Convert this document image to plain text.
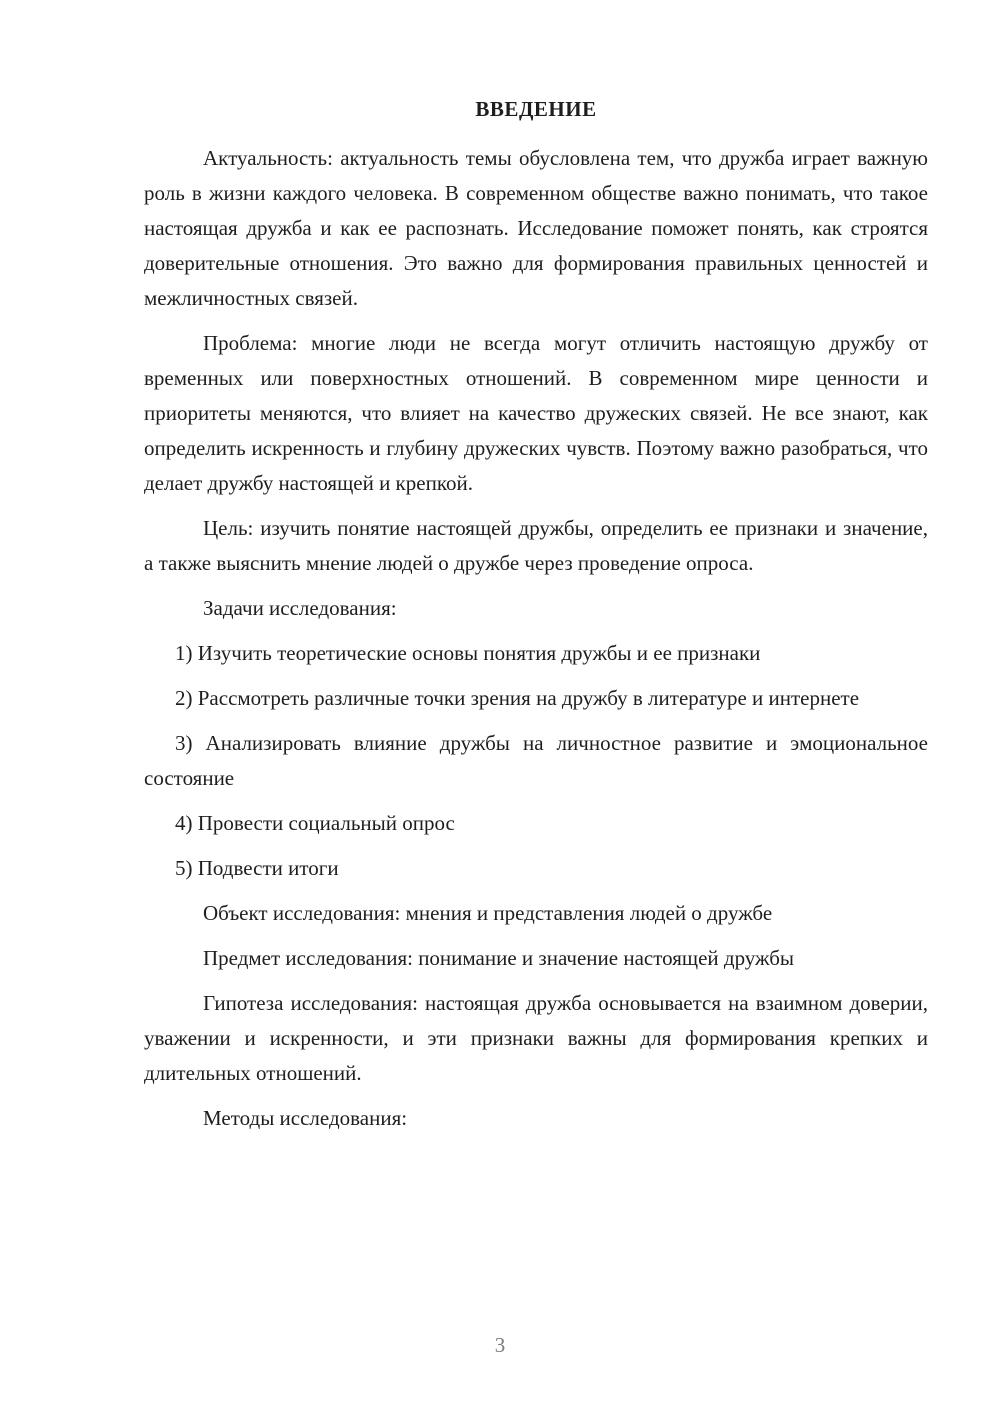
ВВЕДЕНИЕ

Актуальность: актуальность темы обусловлена тем, что дружба играет важную роль в жизни каждого человека. В современном обществе важно понимать, что такое настоящая дружба и как ее распознать. Исследование поможет понять, как строятся доверительные отношения. Это важно для формирования правильных ценностей и межличностных связей.

Проблема: многие люди не всегда могут отличить настоящую дружбу от временных или поверхностных отношений. В современном мире ценности и приоритеты меняются, что влияет на качество дружеских связей. Не все знают, как определить искренность и глубину дружеских чувств. Поэтому важно разобраться, что делает дружбу настоящей и крепкой.

Цель: изучить понятие настоящей дружбы, определить ее признаки и значение, а также выяснить мнение людей о дружбе через проведение опроса.

Задачи исследования:

1) Изучить теоретические основы понятия дружбы и ее признаки

2) Рассмотреть различные точки зрения на дружбу в литературе и интернете

3) Анализировать влияние дружбы на личностное развитие и эмоциональное состояние

4) Провести социальный опрос

5) Подвести итоги

Объект исследования: мнения и представления людей о дружбе

Предмет исследования: понимание и значение настоящей дружбы

Гипотеза исследования: настоящая дружба основывается на взаимном доверии, уважении и искренности, и эти признаки важны для формирования крепких и длительных отношений.

Методы исследования:

3
